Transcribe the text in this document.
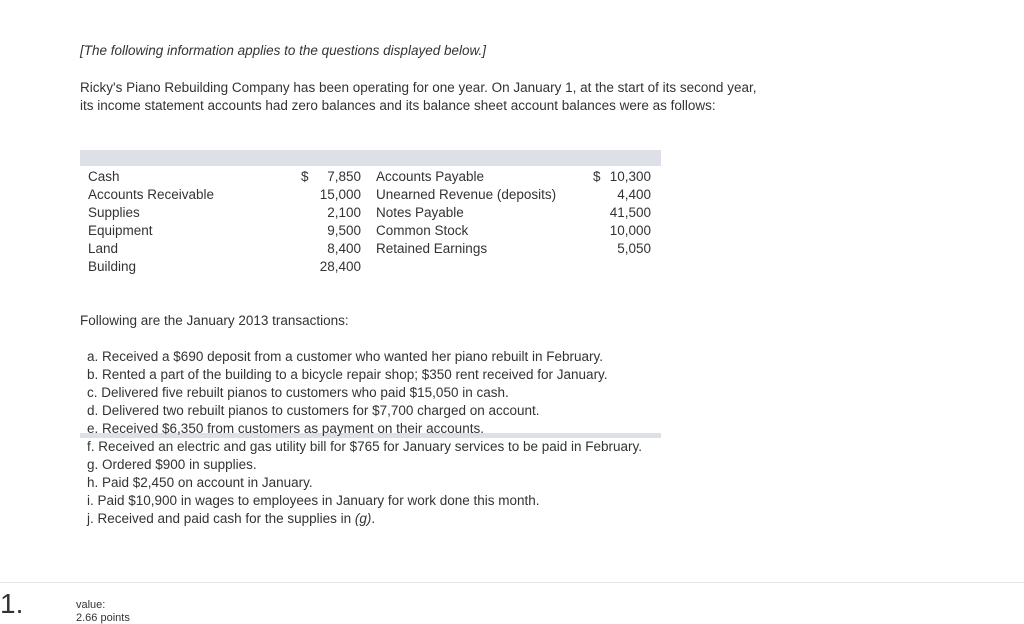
[The following information applies to the questions displayed below.]

Ricky's Piano Rebuilding Company has been operating for one year. On January 1, at the start of its second year, its income statement accounts had zero balances and its balance sheet account balances were as follows:

Cash
Accounts Receivable
Supplies
Equipment
Land
Building
$ 7,850
15,000
2,100
9,500
8,400
28,400
Accounts Payable
Unearned Revenue (deposits)
Notes Payable
Common Stock
Retained Earnings
$ 10,300
4,400
41,500
10,000
5,050

Following are the January 2013 transactions:

a. Received a $690 deposit from a customer who wanted her piano rebuilt in February.
b. Rented a part of the building to a bicycle repair shop; $350 rent received for January.
c. Delivered five rebuilt pianos to customers who paid $15,050 in cash.
d. Delivered two rebuilt pianos to customers for $7,700 charged on account.
e. Received $6,350 from customers as payment on their accounts.
f. Received an electric and gas utility bill for $765 for January services to be paid in February.
g. Ordered $900 in supplies.
h. Paid $2,450 on account in January.
i. Paid $10,900 in wages to employees in January for work done this month.
j. Received and paid cash for the supplies in (g).
1.	value:
2.66 points
